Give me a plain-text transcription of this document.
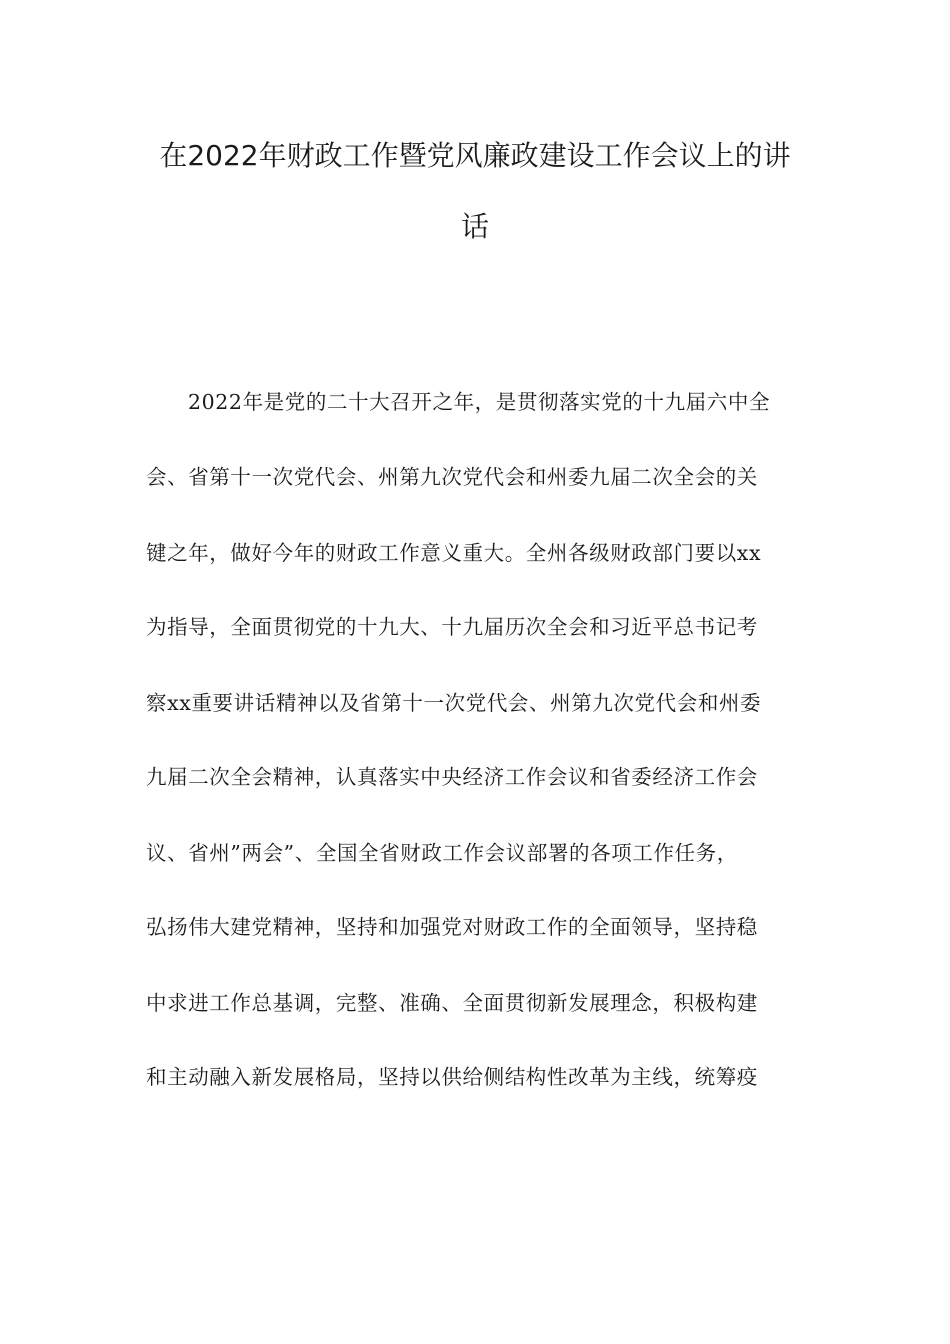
在2022年财政工作暨党风廉政建设工作会议上的讲
话
2022年是党的二十大召开之年，是贯彻落实党的十九届六中全
会、省第十一次党代会、州第九次党代会和州委九届二次全会的关
键之年，做好今年的财政工作意义重大。全州各级财政部门要以xx
为指导，全面贯彻党的十九大、十九届历次全会和习近平总书记考
察xx重要讲话精神以及省第十一次党代会、州第九次党代会和州委
九届二次全会精神，认真落实中央经济工作会议和省委经济工作会
议、省州”两会”、全国全省财政工作会议部署的各项工作任务，
弘扬伟大建党精神，坚持和加强党对财政工作的全面领导，坚持稳
中求进工作总基调，完整、准确、全面贯彻新发展理念，积极构建
和主动融入新发展格局，坚持以供给侧结构性改革为主线，统筹疫
